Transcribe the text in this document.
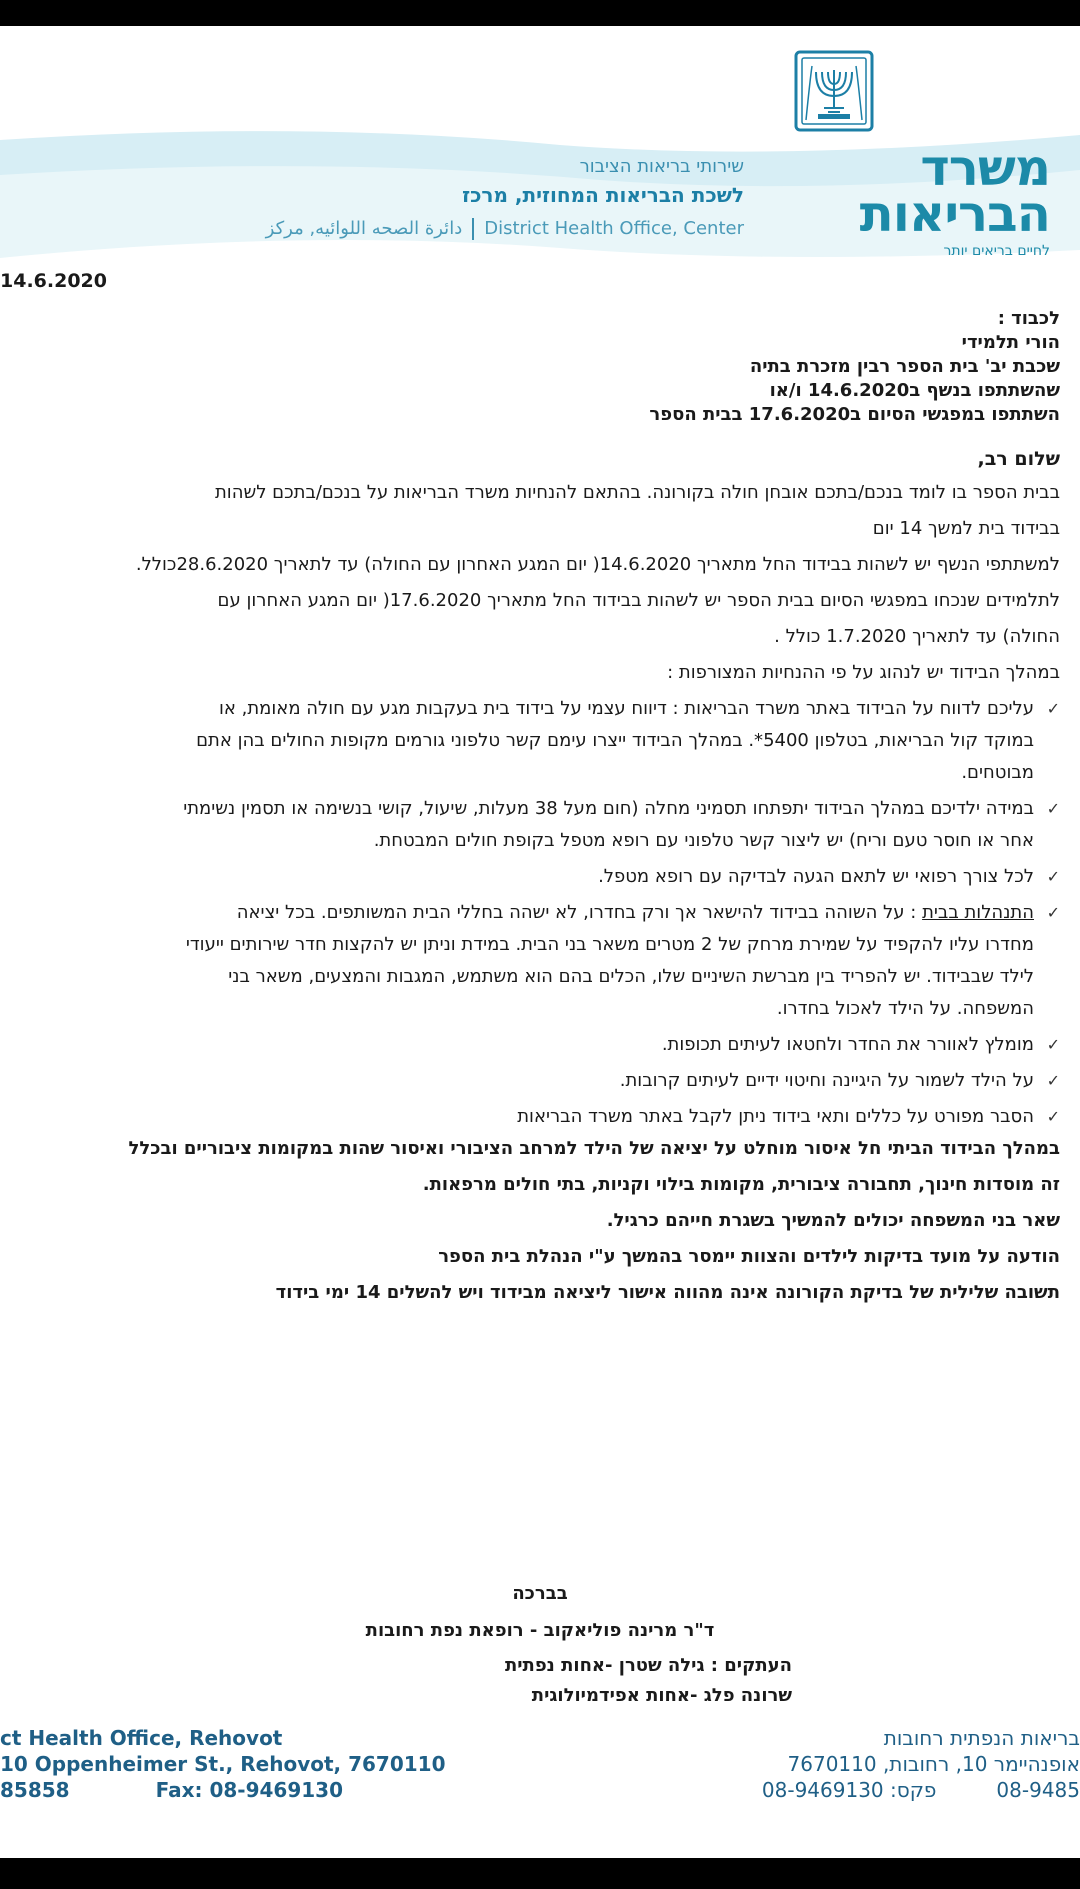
משרד
הבריאות
לחיים בריאים יותר
שירותי בריאות הציבור
לשכת הבריאות המחוזית, מרכז
دائرة الصحه اللوائيه, مركز District Health Office, Center
14.6.2020
לכבוד :
הורי תלמידי
שכבת יב' בית הספר רבין מזכרת בתיה
שהשתתפו בנשף ב14.6.2020 ו/או
השתתפו במפגשי הסיום ב17.6.2020 בבית הספר
שלום רב,
בבית הספר בו לומד בנכם/בתכם אובחן חולה בקורונה. בהתאם להנחיות משרד הבריאות על בנכם/בתכם לשהות
בבידוד בית למשך 14 יום
למשתתפי הנשף יש לשהות בבידוד החל מתאריך 14.6.2020( יום המגע האחרון עם החולה) עד לתאריך 28.6.2020כולל.
לתלמידים שנכחו במפגשי הסיום בבית הספר יש לשהות בבידוד החל מתאריך 17.6.2020( יום המגע האחרון עם
החולה) עד לתאריך 1.7.2020 כולל .
במהלך הבידוד יש לנהוג על פי ההנחיות המצורפות :
✓
עליכם לדווח על הבידוד באתר משרד הבריאות : דיווח עצמי על בידוד בית בעקבות מגע עם חולה מאומת, או
במוקד קול הבריאות, בטלפון 5400*. במהלך הבידוד ייצרו עימם קשר טלפוני גורמים מקופות החולים בהן אתם
מבוטחים.
✓
במידה ילדיכם במהלך הבידוד יתפתחו תסמיני מחלה (חום מעל 38 מעלות, שיעול, קושי בנשימה או תסמין נשימתי
אחר או חוסר טעם וריח) יש ליצור קשר טלפוני עם רופא מטפל בקופת חולים המבטחת.
✓
לכל צורך רפואי יש לתאם הגעה לבדיקה עם רופא מטפל.
✓
התנהלות בבית : על השוהה בבידוד להישאר אך ורק בחדרו, לא ישהה בחללי הבית המשותפים. בכל יציאה
מחדרו עליו להקפיד על שמירת מרחק של 2 מטרים משאר בני הבית. במידת וניתן יש להקצות חדר שירותים ייעודי
לילד שבבידוד. יש להפריד בין מברשת השיניים שלו, הכלים בהם הוא משתמש, המגבות והמצעים, משאר בני
המשפחה. על הילד לאכול בחדרו.
✓
מומלץ לאוורר את החדר ולחטאו לעיתים תכופות.
✓
על הילד לשמור על היגיינה וחיטוי ידיים לעיתים קרובות.
✓
הסבר מפורט על כללים ותאי בידוד ניתן לקבל באתר משרד הבריאות
במהלך הבידוד הביתי חל איסור מוחלט על יציאה של הילד למרחב הציבורי ואיסור שהות במקומות ציבוריים ובכלל
זה מוסדות חינוך, תחבורה ציבורית, מקומות בילוי וקניות, בתי חולים מרפאות.
שאר בני המשפחה יכולים להמשיך בשגרת חייהם כרגיל.
הודעה על מועד בדיקות לילדים והצוות יימסר בהמשך ע"י הנהלת בית הספר
תשובה שלילית של בדיקת הקורונה אינה מהווה אישור ליציאה מבידוד ויש להשלים 14 ימי בידוד
בברכה
ד"ר מרינה פוליאקוב - רופאת נפת רחובות
העתקים : גילה שטרן -אחות נפתית
שרונה פלג -אחות אפידמיולוגית
ct Health Office, Rehovot
10 Oppenheimer St., Rehovot, 7670110
85858	Fax: 08-9469130
בריאות הנפתית רחובות
אופנהיימר 10, רחובות, 7670110
08-9485פקס: 08-9469130
